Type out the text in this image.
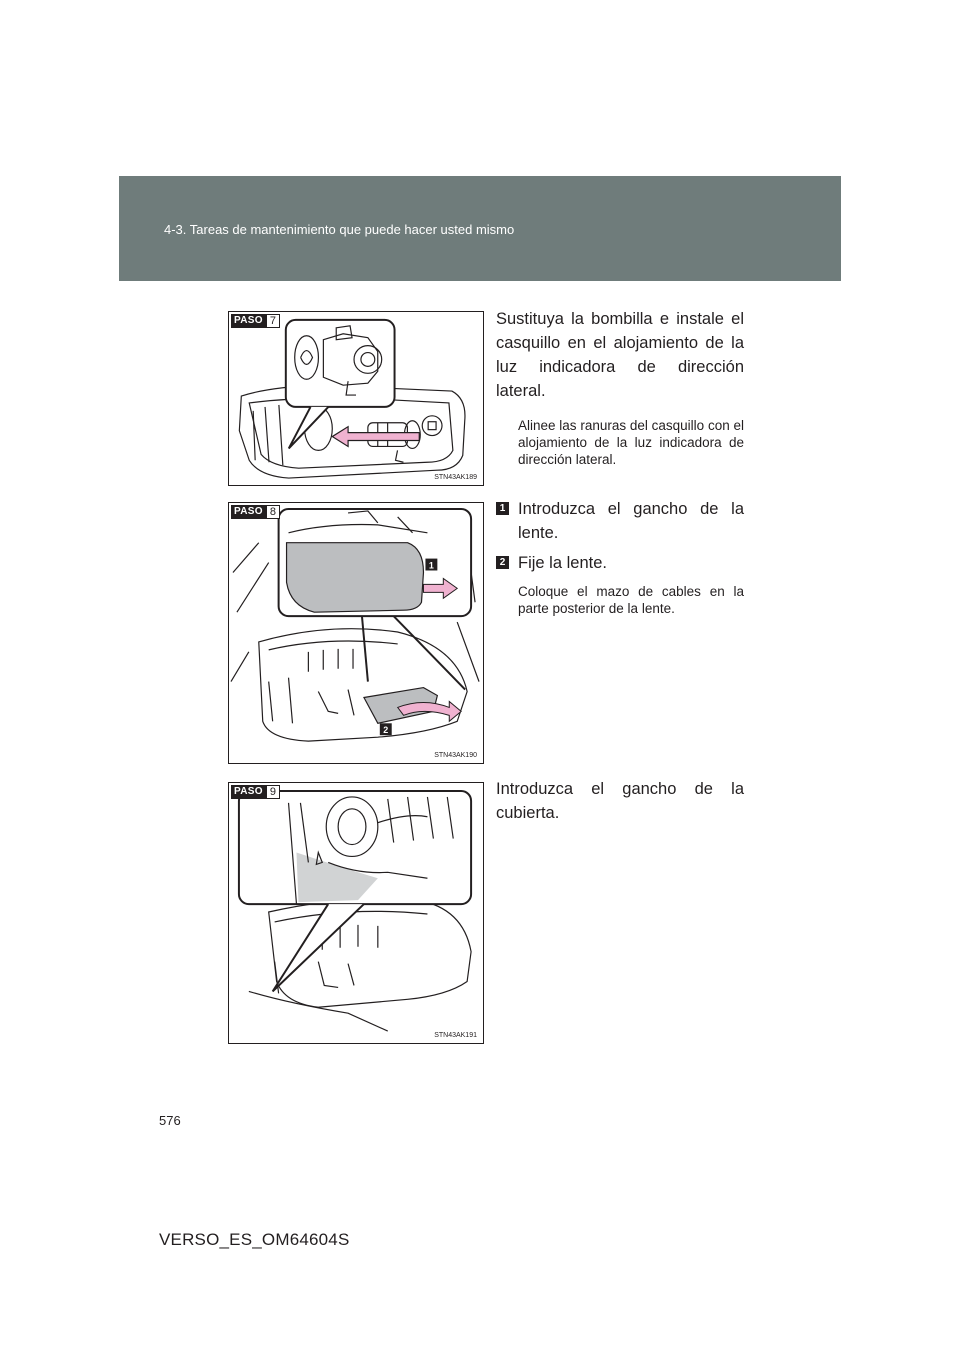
4-3. Tareas de mantenimiento que puede hacer usted mismo
PASO 7
STN43AK189

Sustituya la bombilla e instale el casquillo en el alojamiento de la luz indicadora de dirección lateral.

Alinee las ranuras del casquillo con el alojamiento de la luz indicadora de dirección lateral.

PASO 8
1
2
STN43AK190
1 Introduzca el gancho de la lente.
2 Fije la lente.

Coloque el mazo de cables en la parte posterior de la lente.

PASO 9
STN43AK191

Introduzca el gancho de la cubierta.

576
VERSO_ES_OM64604S
